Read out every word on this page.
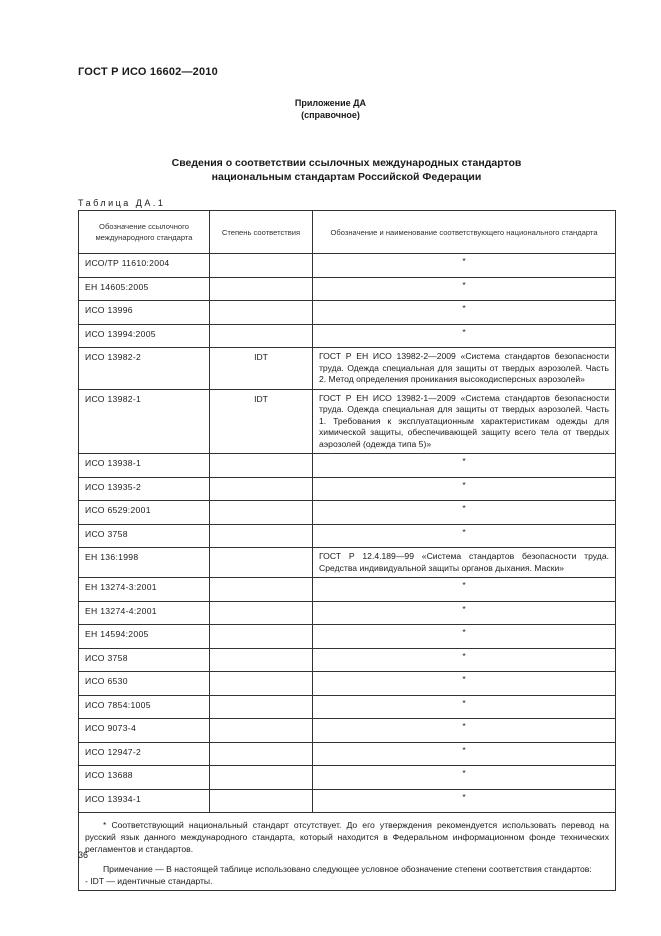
ГОСТ Р ИСО 16602—2010
Приложение ДА
(справочное)
Сведения о соответствии ссылочных международных стандартов
национальным стандартам Российской Федерации
Таблица ДА.1
Обозначение ссылочного международного стандарта	Степень соответствия	Обозначение и наименование соответствующего национального стандарта
ИСО/ТР 11610:2004		*
ЕН 14605:2005		*
ИСО 13996		*
ИСО 13994:2005		*
ИСО 13982-2	IDT	ГОСТ Р ЕН ИСО 13982-2—2009 «Система стандартов безопасности труда. Одежда специальная для защиты от твердых аэрозолей. Часть 2. Метод определения проникания высокодисперсных аэрозолей»
ИСО 13982-1	IDT	ГОСТ Р ЕН ИСО 13982-1—2009 «Система стандартов безопасности труда. Одежда специальная для защиты от твердых аэрозолей. Часть 1. Требования к эксплуатационным характеристикам одежды для химической защиты, обеспечивающей защиту всего тела от твердых аэрозолей (одежда типа 5)»
ИСО 13938-1		*
ИСО 13935-2		*
ИСО 6529:2001		*
ИСО 3758		*
ЕН 136:1998		ГОСТ Р 12.4.189—99 «Система стандартов безопасности труда. Средства индивидуальной защиты органов дыхания. Маски»
ЕН 13274-3:2001		*
ЕН 13274-4:2001		*
ЕН 14594:2005		*
ИСО 3758		*
ИСО 6530		*
ИСО 7854:1005		*
ИСО 9073-4		*
ИСО 12947-2		*
ИСО 13688		*
ИСО 13934-1		*

* Соответствующий национальный стандарт отсутствует. До его утверждения рекомендуется использовать перевод на русский язык данного международного стандарта, который находится в Федеральном информационном фонде технических регламентов и стандартов.
Примечание — В настоящей таблице использовано следующее условное обозначение степени соответствия стандартов:
- IDT — идентичные стандарты.		
36
